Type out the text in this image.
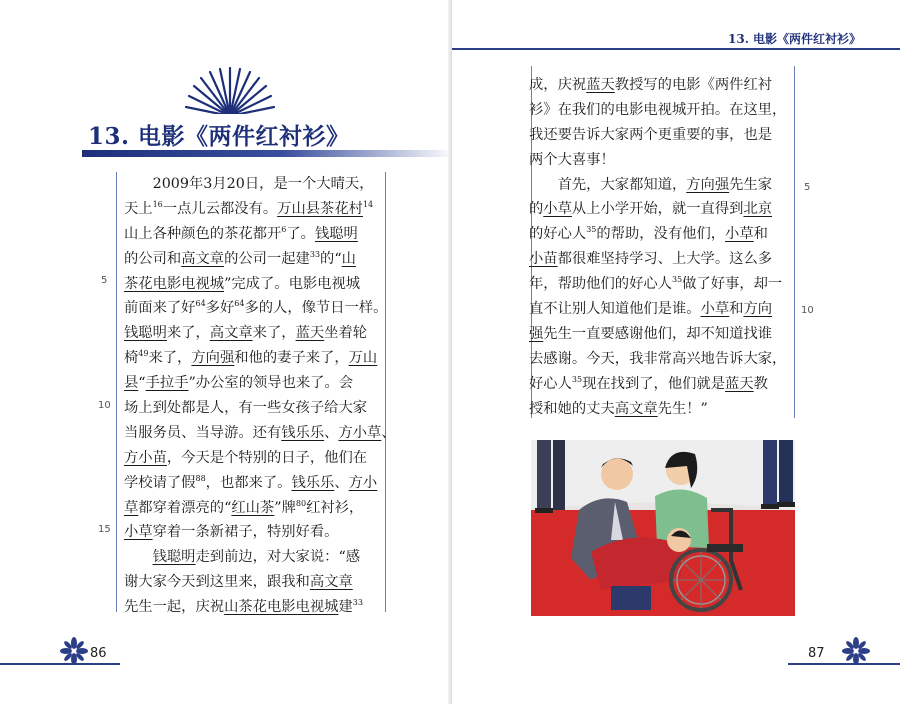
13. 电影《两件红衬衫》
5
10
15
　　2009年3月20日，是一个大晴天，
天上$^{16}$一点儿云都没有。万山县茶花村$^{14}$
山上各种颜色的茶花都开$^6$了。钱聪明
的公司和高文章的公司一起建$^{33}$的“山
茶花电影电视城”完成了。电影电视城
前面来了好$^{64}$多好$^{64}$多的人，像节日一样。
钱聪明来了，高文章来了，蓝天坐着轮
椅$^{49}$来了，方向强和他的妻子来了，万山
县“手拉手”办公室的领导也来了。会
场上到处都是人，有一些女孩子给大家
当服务员、当导游。还有钱乐乐、方小草、
方小苗，今天是个特别的日子，他们在
学校请了假$^{88}$，也都来了。钱乐乐、方小
草都穿着漂亮的“红山茶”牌$^{80}$红衬衫，
小草穿着一条新裙子，特别好看。
　　钱聪明走到前边，对大家说：“感
谢大家今天到这里来，跟我和高文章
先生一起，庆祝山茶花电影电视城建$^{33}$
86
13. 电影《两件红衬衫》
5
10
成，庆祝蓝天教授写的电影《两件红衬
衫》在我们的电影电视城开拍。在这里，
我还要告诉大家两个更重要的事，也是
两个大喜事！
　　首先，大家都知道，方向强先生家
的小草从上小学开始，就一直得到北京
的好心人$^{35}$的帮助，没有他们，小草和
小苗都很难坚持学习、上大学。这么多
年，帮助他们的好心人$^{35}$做了好事，却一
直不让别人知道他们是谁。小草和方向
强先生一直要感谢他们，却不知道找谁
去感谢。今天，我非常高兴地告诉大家，
好心人$^{35}$现在找到了，他们就是蓝天教
授和她的丈夫高文章先生！”
87
